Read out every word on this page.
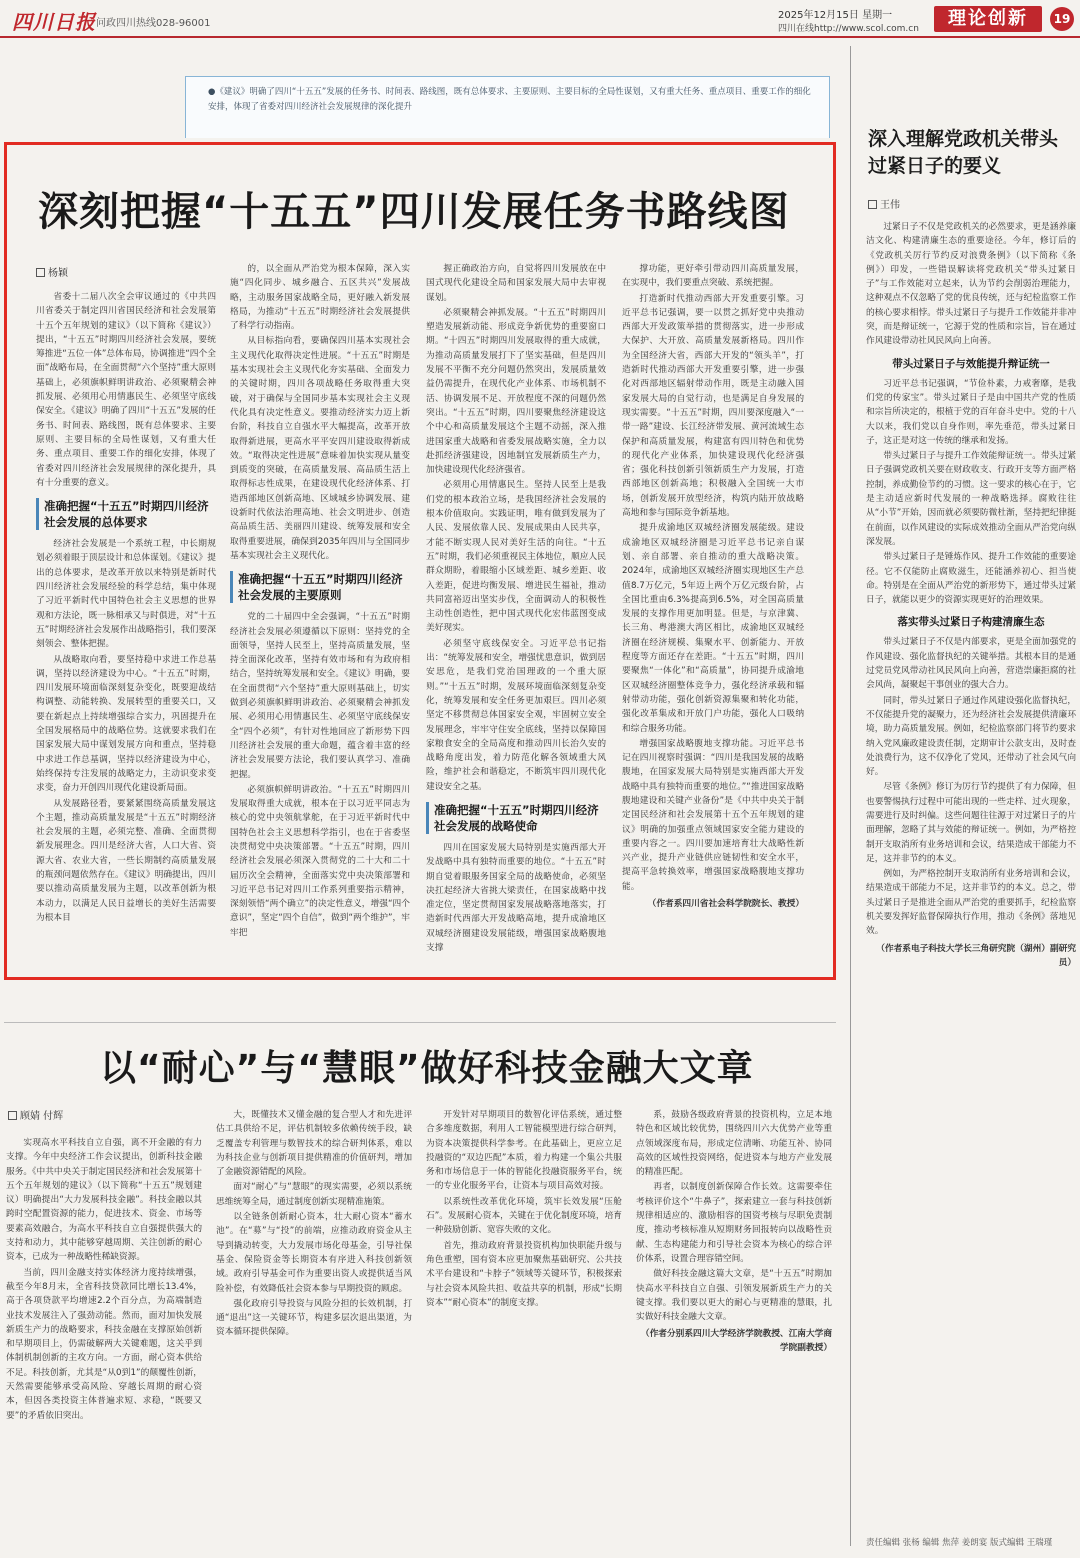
四川日报 问政四川热线028-96001
2025年12月15日 星期一
四川在线http://www.scol.com.cn	理论创新	19
●《建议》明确了四川“十五五”发展的任务书、时间表、路线图，既有总体要求、主要原则、主要目标的全局性谋划，又有重大任务、重点项目、重要工作的细化安排，体现了省委对四川经济社会发展规律的深化提升
深刻把握“十五五”四川发展任务书路线图
杨颖

省委十二届八次全会审议通过的《中共四川省委关于制定四川省国民经济和社会发展第十五个五年规划的建议》（以下简称《建议》）提出，“十五五”时期四川经济社会发展，要统筹推进“五位一体”总体布局，协调推进“四个全面”战略布局，在全面贯彻“六个坚持”重大原则基础上，必须旗帜鲜明讲政治、必须聚精会神抓发展、必须用心用情惠民生、必须坚守底线保安全。《建议》明确了四川“十五五”发展的任务书、时间表、路线图，既有总体要求、主要原则、主要目标的全局性谋划，又有重大任务、重点项目、重要工作的细化安排，体现了省委对四川经济社会发展规律的深化提升，具有十分重要的意义。

准确把握“十五五”时期四川经济社会发展的总体要求

经济社会发展是一个系统工程，中长期规划必须着眼于顶层设计和总体谋划。《建议》提出的总体要求，是改革开放以来特别是新时代四川经济社会发展经验的科学总结，集中体现了习近平新时代中国特色社会主义思想的世界观和方法论，既一脉相承又与时俱进，对“十五五”时期经济社会发展作出战略指引，我们要深刻领会、整体把握。

从战略取向看，要坚持稳中求进工作总基调，坚持以经济建设为中心。“十五五”时期，四川发展环境面临深刻复杂变化，既要迎战结构调整、动能转换、发展转型的重要关口，又要在新起点上持续增强综合实力，巩固提升在全国发展格局中的战略位势。这就要求我们在国家发展大局中谋划发展方向和重点，坚持稳中求进工作总基调，坚持以经济建设为中心，始终保持专注发展的战略定力，主动识变求变求变，奋力开创四川现代化建设新局面。

从发展路径看，要紧紧围绕高质量发展这个主题，推动高质量发展是“十五五”时期经济社会发展的主题，必须完整、准确、全面贯彻新发展理念。四川是经济大省，人口大省、资源大省、农业大省，一些长期制约高质量发展的瓶颈问题依然存在。《建议》明确提出，四川要以推动高质量发展为主题，以改革创新为根本动力，以满足人民日益增长的美好生活需要为根本目

的，以全面从严治党为根本保障，深入实施“四化同步、城乡融合、五区共兴”发展战略，主动服务国家战略全局，更好融入新发展格局，为推动“十五五”时期经济社会发展提供了科学行动指南。

从目标指向看，要确保四川基本实现社会主义现代化取得决定性进展。“十五五”时期是基本实现社会主义现代化夯实基础、全面发力的关键时期，四川各项战略任务取得重大突破，对于确保与全国同步基本实现社会主义现代化具有决定性意义。要推动经济实力迈上新台阶，科技自立自强水平大幅提高，改革开放取得新进展，更高水平平安四川建设取得新成效。“取得决定性进展”意味着加快实现从量变到质变的突破，在高质量发展、高品质生活上取得标志性成果，在建设现代化经济体系、打造西部地区创新高地、区域城乡协调发展、建设新时代依法治理高地、社会文明进步、创造高品质生活、美丽四川建设、统筹发展和安全取得重要进展，确保到2035年四川与全国同步基本实现社会主义现代化。

准确把握“十五五”时期四川经济社会发展的主要原则

党的二十届四中全会强调，“十五五”时期经济社会发展必须遵循以下原则：坚持党的全面领导，坚持人民至上，坚持高质量发展，坚持全面深化改革，坚持有效市场和有为政府相结合，坚持统筹发展和安全。《建议》明确，要在全面贯彻“六个坚持”重大原则基础上，切实做到必须旗帜鲜明讲政治、必须聚精会神抓发展、必须用心用情惠民生、必须坚守底线保安全“四个必须”，有针对性地回应了新形势下四川经济社会发展的重大命题，蕴含着丰富的经济社会发展要方法论，我们要认真学习、准确把握。

必须旗帜鲜明讲政治。“十五五”时期四川发展取得重大成就，根本在于以习近平同志为核心的党中央领航掌舵，在于习近平新时代中国特色社会主义思想科学指引，也在于省委坚决贯彻党中央决策部署。“十五五”时期，四川经济社会发展必须深入贯彻党的二十大和二十届历次全会精神，全面落实党中央决策部署和习近平总书记对四川工作系列重要指示精神，深刻领悟“两个确立”的决定性意义，增强“四个意识”，坚定“四个自信”，做到“两个维护”，牢牢把

握正确政治方向，自觉将四川发展放在中国式现代化建设全局和国家发展大局中去审视谋划。

必须聚精会神抓发展。“十五五”时期四川塑造发展新动能、形成竞争新优势的重要窗口期。“十四五”时期四川发展取得的重大成就，为推动高质量发展打下了坚实基础，但是四川发展不平衡不充分问题仍然突出，发展质量效益仍需提升，在现代化产业体系、市场机制不活、协调发展不足、开放程度不深的问题仍然突出。“十五五”时期，四川要聚焦经济建设这个中心和高质量发展这个主题不动摇，深入推进国家重大战略和省委发展战略实施，全力以赴抓经济强建设，因地制宜发展新质生产力，加快建设现代化经济强省。

必须用心用情惠民生。坚持人民至上是我们党的根本政治立场，是我国经济社会发展的根本价值取向。实践证明，唯有做到发展为了人民、发展依靠人民、发展成果由人民共享，才能不断实现人民对美好生活的向往。“十五五”时期，我们必须重视民主体地位，顺应人民群众期盼，着眼缩小区域差距、城乡差距、收入差距，促进均衡发展、增进民生福祉，推动共同富裕迈出坚实步伐，全面调动人的积极性主动性创造性，把中国式现代化宏伟蓝图变成美好现实。

必须坚守底线保安全。习近平总书记指出：“统筹发展和安全，增强忧患意识，做到居安思危，是我们党治国理政的一个重大原则。”“十五五”时期，发展环境面临深刻复杂变化，统筹发展和安全任务更加艰巨。四川必须坚定不移贯彻总体国家安全观，牢固树立安全发展理念，牢牢守住安全底线，坚持以保障国家粮食安全的全局高度和推动四川长治久安的战略角度出发，着力防范化解各领域重大风险，维护社会和谐稳定，不断筑牢四川现代化建设安全之基。

准确把握“十五五”时期四川经济社会发展的战略使命

四川在国家发展大局特别是实施西部大开发战略中具有独特而重要的地位。“十五五”时期自觉着眼服务国家全局的战略使命，必须坚决扛起经济大省挑大梁责任，在国家战略中找准定位，坚定贯彻国家发展战略落地落实，打造新时代西部大开发战略高地，提升成渝地区双城经济圈建设发展能级，增强国家战略腹地支撑

撑功能，更好牵引带动四川高质量发展，在实现中，我们要重点突破、系统把握。

打造新时代推动西部大开发重要引擎。习近平总书记强调，要一以贯之抓好党中央推动西部大开发政策举措的贯彻落实，进一步形成大保护、大开放、高质量发展新格局。四川作为全国经济大省，西部大开发的“领头羊”，打造新时代推动西部大开发重要引擎，进一步强化对西部地区辐射带动作用，既是主动融入国家发展大局的自觉行动，也是满足自身发展的现实需要。“十五五”时期，四川要深度融入“一带一路”建设、长江经济带发展、黄河流域生态保护和高质量发展，构建富有四川特色和优势的现代化产业体系，加快建设现代化经济强省；强化科技创新引领新质生产力发展，打造西部地区创新高地；积极融入全国统一大市场，创新发展开放型经济，构筑内陆开放战略高地和参与国际竞争新基地。

提升成渝地区双城经济圈发展能级。建设成渝地区双城经济圈是习近平总书记亲自谋划、亲自部署、亲自推动的重大战略决策。2024年，成渝地区双城经济圈实现地区生产总值8.7万亿元，5年迈上两个万亿元级台阶，占全国比重由6.3%提高到6.5%，对全国高质量发展的支撑作用更加明显。但是，与京津冀、长三角、粤港澳大湾区相比，成渝地区双城经济圈在经济规模、集聚水平、创新能力、开放程度等方面还存在差距。“十五五”时期，四川要聚焦“一体化”和“高质量”，协同提升成渝地区双城经济圈整体竞争力，强化经济承载和辐射带动功能，强化创新资源集聚和转化功能，强化改革集成和开放门户功能，强化人口吸纳和综合服务功能。

增强国家战略腹地支撑功能。习近平总书记在四川视察时强调：“四川是我国发展的战略腹地，在国家发展大局特别是实施西部大开发战略中具有独特而重要的地位。”“推进国家战略腹地建设和关键产业备份”是《中共中央关于制定国民经济和社会发展第十五个五年规划的建议》明确的加强重点领域国家安全能力建设的重要内容之一。四川要加速培育壮大战略性新兴产业，提升产业链供应链韧性和安全水平，提高平急转换效率，增强国家战略腹地支撑功能。

（作者系四川省社会科学院院长、教授）
以“耐心”与“慧眼”做好科技金融大文章
顾婧 付辉

实现高水平科技自立自强，离不开金融的有力支撑。今年中央经济工作会议提出，创新科技金融服务。《中共中央关于制定国民经济和社会发展第十五个五年规划的建议》（以下简称“十五五”规划建议）明确提出“大力发展科技金融”。科技金融以其跨时空配置资源的能力，促进技术、资金、市场等要素高效融合，为高水平科技自立自强提供强大的支持和动力，其中能够穿越周期、关注创新的耐心资本，已成为一种战略性稀缺资源。

当前，四川金融支持实体经济力度持续增强，截至今年8月末，全省科技贷款同比增长13.4%，高于各项贷款平均增速2.2个百分点，为高端制造业技术发展注入了强劲动能。然而，面对加快发展新质生产力的战略要求，科技金融在支撑原始创新和早期项目上，仍需破解两大关键难题，这关乎到体制机制创新的主攻方向。一方面，耐心资本供给不足。科技创新，尤其是“从0到1”的颠覆性创新，天然需要能够承受高风险、穿越长周期的耐心资本，但因各类投资主体普遍求短、求稳，“既要又要”的矛盾依旧突出。

大，既懂技术又懂金融的复合型人才和先进评估工具供给不足，评估机制较多依赖传统手段，缺乏覆盖专利管理与数智技术的综合研判体系，难以为科技企业与创新项目提供精准的价值研判，增加了金融资源错配的风险。

面对“耐心”与“慧眼”的现实需要，必须以系统思维统筹全局，通过制度创新实现精准施策。

以全链条创新耐心资本，壮大耐心资本“蓄水池”。在“募”与“投”的前端，应推动政府资金从主导到撬动转变，大力发展市场化母基金，引导社保基金、保险资金等长期资本有序进入科技创新领域。政府引导基金可作为重要出资人或提供适当风险补偿，有效降低社会资本参与早期投资的顾虑。

强化政府引导投资与风险分担的长效机制，打通“退出”这一关键环节，构建多层次退出渠道，为资本循环提供保障。

开发针对早期项目的数智化评估系统，通过整合多维度数据，利用人工智能模型进行综合研判，为资本决策提供科学参考。在此基础上，更应立足投融资的“双边匹配”本质，着力构建一个集公共服务和市场信息于一体的智能化投融资服务平台，统一的专业化服务平台，让资本与项目高效对接。

以系统性改革优化环境，筑牢长效发展“压舱石”。发展耐心资本，关键在于优化制度环境，培育一种鼓励创新、宽容失败的文化。

首先，推动政府背景投资机构加快职能升级与角色重塑，国有资本应更加聚焦基础研究、公共技术平台建设和“卡脖子”领域等关键环节，积极探索与社会资本风险共担、收益共享的机制，形成“长期资本”“耐心资本”的制度支撑。

系，鼓励各级政府背景的投资机构，立足本地特色和区域比较优势，围绕四川六大优势产业等重点领域深度布局，形成定位清晰、功能互补、协同高效的区域性投资网络，促进资本与地方产业发展的精准匹配。

再者，以制度创新保障合作长效。这需要牵住考核评价这个“牛鼻子”，探索建立一套与科技创新规律相适应的、激励相容的国资考核与尽职免责制度，推动考核标准从短期财务回报转向以战略性贡献、生态构建能力和引导社会资本为核心的综合评价体系，设置合理容错空间。

做好科技金融这篇大文章，是“十五五”时期加快高水平科技自立自强、引领发展新质生产力的关键支撑。我们要以更大的耐心与更精准的慧眼，扎实做好科技金融大文章。

（作者分别系四川大学经济学院教授、江南大学商学院副教授）
深入理解党政机关带头过紧日子的要义
王伟

过紧日子不仅是党政机关的必然要求，更是涵养廉洁文化、构建清廉生态的重要途径。今年，修订后的《党政机关厉行节约反对浪费条例》（以下简称《条例》）印发，一些错误解读将党政机关“带头过紧日子”与工作效能对立起来，认为节约会削弱治理能力，这种观点不仅忽略了党的优良传统，还与纪检监察工作的核心要求相悖。带头过紧日子与提升工作效能并非冲突，而是辩证统一，它源于党的性质和宗旨，旨在通过作风建设带动社风民风向上向善。

带头过紧日子与效能提升辩证统一

习近平总书记强调，“节俭朴素，力戒奢靡，是我们党的传家宝”。带头过紧日子是由中国共产党的性质和宗旨所决定的，根植于党的百年奋斗史中。党的十八大以来，我们党以自身作则，率先垂范，带头过紧日子，这正是对这一传统的继承和发扬。

带头过紧日子与提升工作效能辩证统一。带头过紧日子强调党政机关要在财政收支、行政开支等方面严格控制，养成勤俭节约的习惯。这一要求的核心在于，它是主动适应新时代发展的一种战略选择。腐败往往从“小节”开始，因而就必须要防微杜渐，坚持把纪律挺在前面，以作风建设的实际成效推动全面从严治党向纵深发展。

带头过紧日子是锤炼作风、提升工作效能的重要途径。它不仅能防止腐败滋生，还能涵养初心、担当使命。特别是在全面从严治党的新形势下，通过带头过紧日子，就能以更少的资源实现更好的治理效果。

落实带头过紧日子构建清廉生态

带头过紧日子不仅是内部要求，更是全面加强党的作风建设、强化监督执纪的关键举措。其根本目的是通过党员党风带动社风民风向上向善，营造崇廉拒腐的社会风尚，凝聚起干事创业的强大合力。

同时，带头过紧日子通过作风建设强化监督执纪，不仅能提升党的凝聚力，还为经济社会发展提供清廉环境，助力高质量发展。例如，纪检监察部门将节约要求纳入党风廉政建设责任制，定期审计公款支出，及时查处浪费行为，这不仅净化了党风，还带动了社会风气向好。

尽管《条例》修订为厉行节约提供了有力保障，但也要警惕执行过程中可能出现的一些走样、过火现象，需要进行及时纠偏。这些问题往往源于对过紧日子的片面理解，忽略了其与效能的辩证统一。例如，为严格控制开支取消所有业务培训和会议，结果造成干部能力不足，这并非节约的本义。

例如，为严格控制开支取消所有业务培训和会议，结果造成干部能力不足，这并非节约的本义。总之，带头过紧日子是推进全面从严治党的重要抓手，纪检监察机关要发挥好监督保障执行作用，推动《条例》落地见效。

（作者系电子科技大学长三角研究院（湖州）副研究员）
责任编辑 张杨 编辑 焦萍 姜朗宴 版式编辑 王瑞瑾
